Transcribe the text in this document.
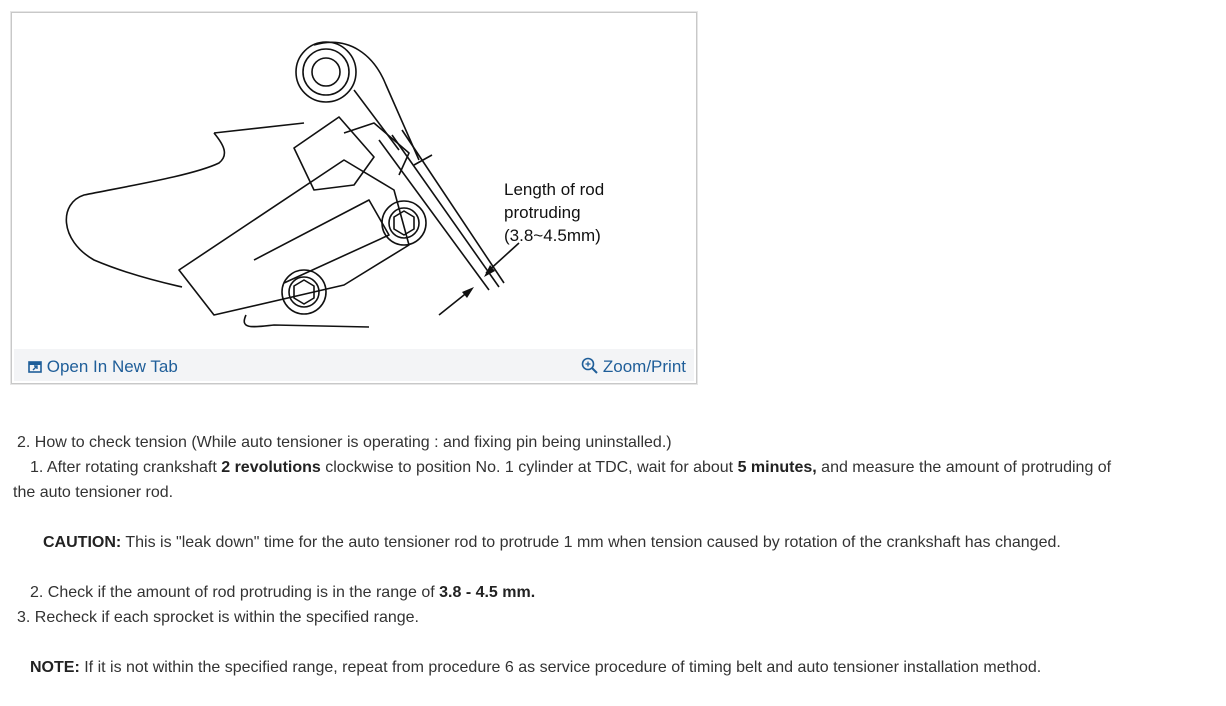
Length of rod
protruding
(3.8~4.5mm)
Open In New Tab	Zoom/Print
2. How to check tension (While auto tensioner is operating : and fixing pin being uninstalled.)
1. After rotating crankshaft 2 revolutions clockwise to position No. 1 cylinder at TDC, wait for about 5 minutes, and measure the amount of protruding of
the auto tensioner rod.
CAUTION: This is "leak down" time for the auto tensioner rod to protrude 1 mm when tension caused by rotation of the crankshaft has changed.
2. Check if the amount of rod protruding is in the range of 3.8 - 4.5 mm.
3. Recheck if each sprocket is within the specified range.
NOTE: If it is not within the specified range, repeat from procedure 6 as service procedure of timing belt and auto tensioner installation method.
